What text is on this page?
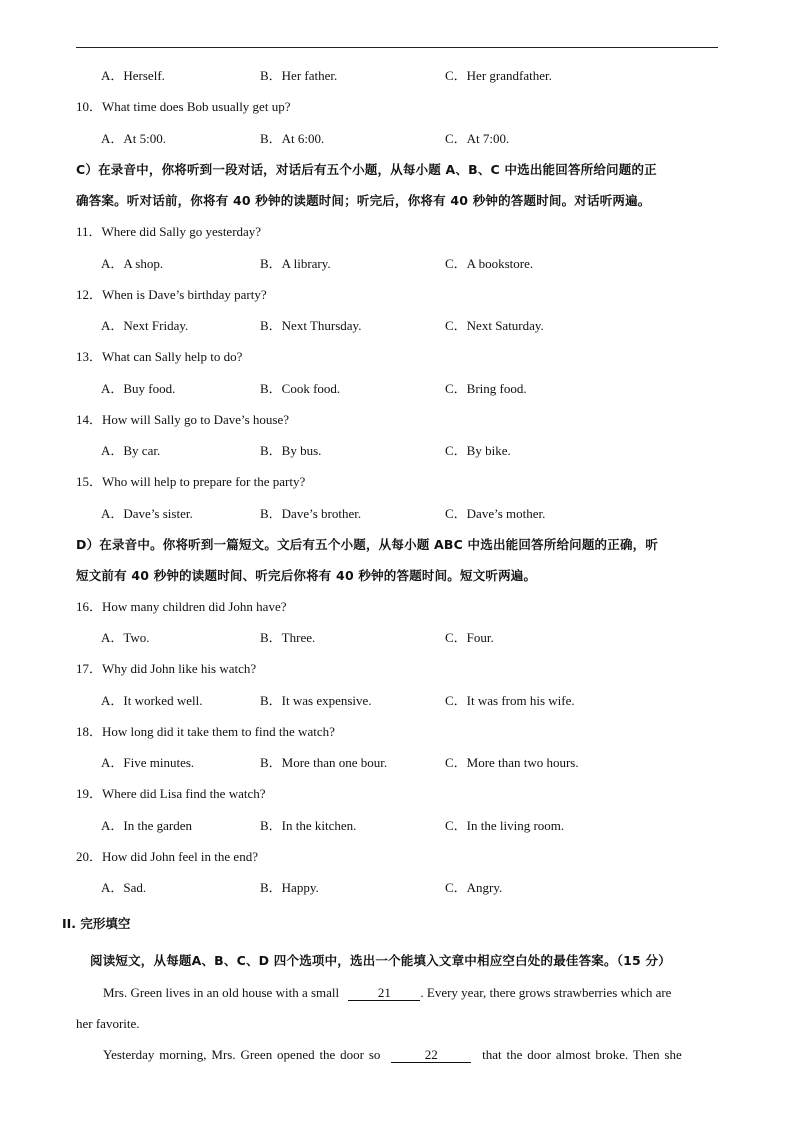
A．Herself.	B．Her father.	C．Her grandfather.
10．What time does Bob usually get up?
A．At 5:00.	B．At 6:00.	C．At 7:00.
C）在录音中，你将听到一段对话，对话后有五个小题，从每小题 A、B、C 中选出能回答所给问题的正
确答案。听对话前，你将有 40 秒钟的读题时间；听完后，你将有 40 秒钟的答题时间。对话听两遍。
11．Where did Sally go yesterday?
A．A shop.	B．A library.	C．A bookstore.
12．When is Dave’s birthday party?
A．Next Friday.	B．Next Thursday.	C．Next Saturday.
13．What can Sally help to do?
A．Buy food.	B．Cook food.	C．Bring food.
14．How will Sally go to Dave’s house?
A．By car.	B．By bus.	C．By bike.
15．Who will help to prepare for the party?
A．Dave’s sister.	B．Dave’s brother.	C．Dave’s mother.
D）在录音中。你将听到一篇短文。文后有五个小题，从每小题 ABC 中选出能回答所给问题的正确，听
短文前有 40 秒钟的读题时间、听完后你将有 40 秒钟的答题时间。短文听两遍。
16．How many children did John have?
A．Two.	B．Three.	C．Four.
17．Why did John like his watch?
A．It worked well.	B．It was expensive.	C．It was from his wife.
18．How long did it take them to find the watch?
A．Five minutes.	B．More than one bour.	C．More than two hours.
19．Where did Lisa find the watch?
A．In the garden	B．In the kitchen.	C．In the living room.
20．How did John feel in the end?
A．Sad.	B．Happy.	C．Angry.
II. 完形填空
阅读短文，从每题A、B、C、D 四个选项中，选出一个能填入文章中相应空白处的最佳答案。（15 分）
Mrs. Green lives in an old house with a small	21 . Every year, there grows strawberries which are
her favorite.
Yesterday morning, Mrs. Green opened the door so	22	that the door almost broke. Then she
